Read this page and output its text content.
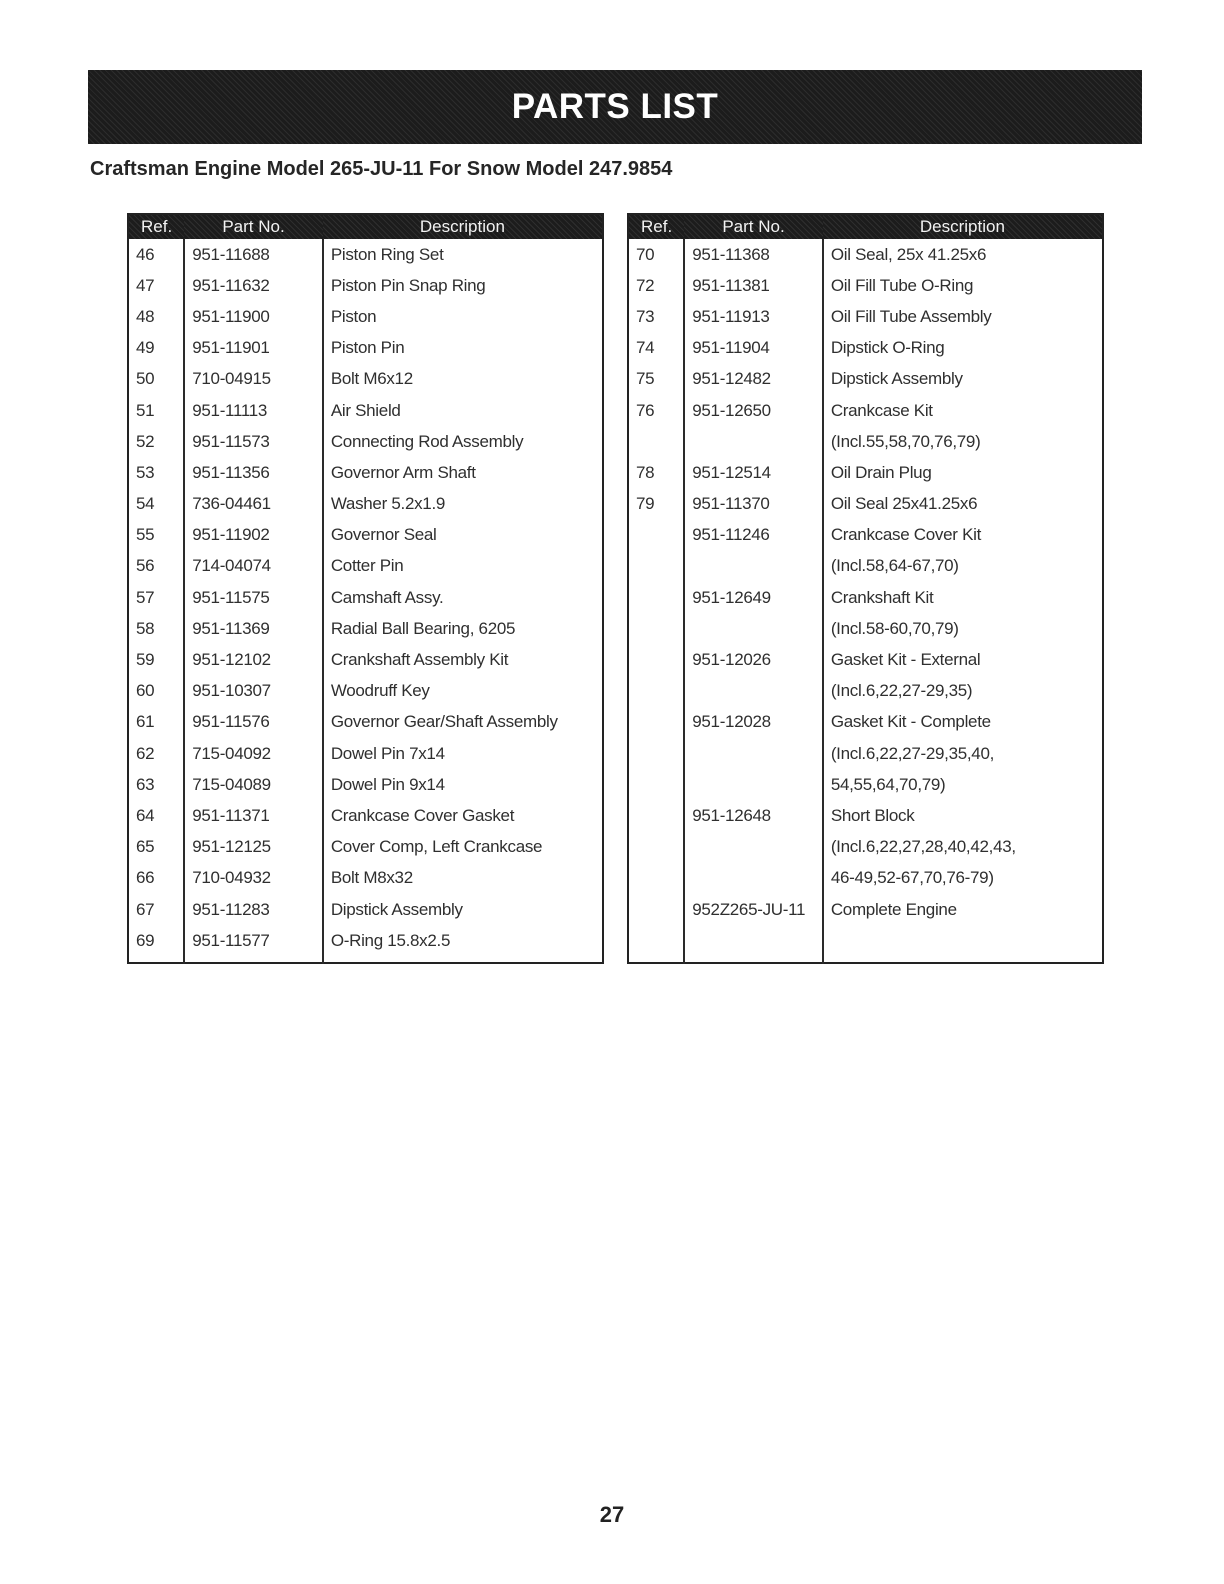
PARTS LIST
Craftsman Engine Model 265-JU-11 For Snow Model 247.9854
Ref.	Part No.	Description
46	951-11688	Piston Ring Set
47	951-11632	Piston Pin Snap Ring
48	951-11900	Piston
49	951-11901	Piston Pin
50	710-04915	Bolt M6x12
51	951-11113	Air Shield
52	951-11573	Connecting Rod Assembly
53	951-11356	Governor Arm Shaft
54	736-04461	Washer 5.2x1.9
55	951-11902	Governor Seal
56	714-04074	Cotter Pin
57	951-11575	Camshaft Assy.
58	951-11369	Radial Ball Bearing, 6205
59	951-12102	Crankshaft Assembly Kit
60	951-10307	Woodruff Key
61	951-11576	Governor Gear/Shaft Assembly
62	715-04092	Dowel Pin 7x14
63	715-04089	Dowel Pin 9x14
64	951-11371	Crankcase Cover Gasket
65	951-12125	Cover Comp, Left Crankcase
66	710-04932	Bolt M8x32
67	951-11283	Dipstick Assembly
69	951-11577	O-Ring 15.8x2.5

Ref.	Part No.	Description
70	951-11368	Oil Seal, 25x 41.25x6
72	951-11381	Oil Fill Tube O-Ring
73	951-11913	Oil Fill Tube Assembly
74	951-11904	Dipstick O-Ring
75	951-12482	Dipstick Assembly
76	951-12650	Crankcase Kit
		(Incl.55,58,70,76,79)
78	951-12514	Oil Drain Plug
79	951-11370	Oil Seal 25x41.25x6
	951-11246	Crankcase Cover Kit
		(Incl.58,64-67,70)
	951-12649	Crankshaft Kit
		(Incl.58-60,70,79)
	951-12026	Gasket Kit - External
		(Incl.6,22,27-29,35)
	951-12028	Gasket Kit - Complete
		(Incl.6,22,27-29,35,40,
		54,55,64,70,79)
	951-12648	Short Block
		(Incl.6,22,27,28,40,42,43,
		46-49,52-67,70,76-79)
	952Z265-JU-11	Complete Engine

27
